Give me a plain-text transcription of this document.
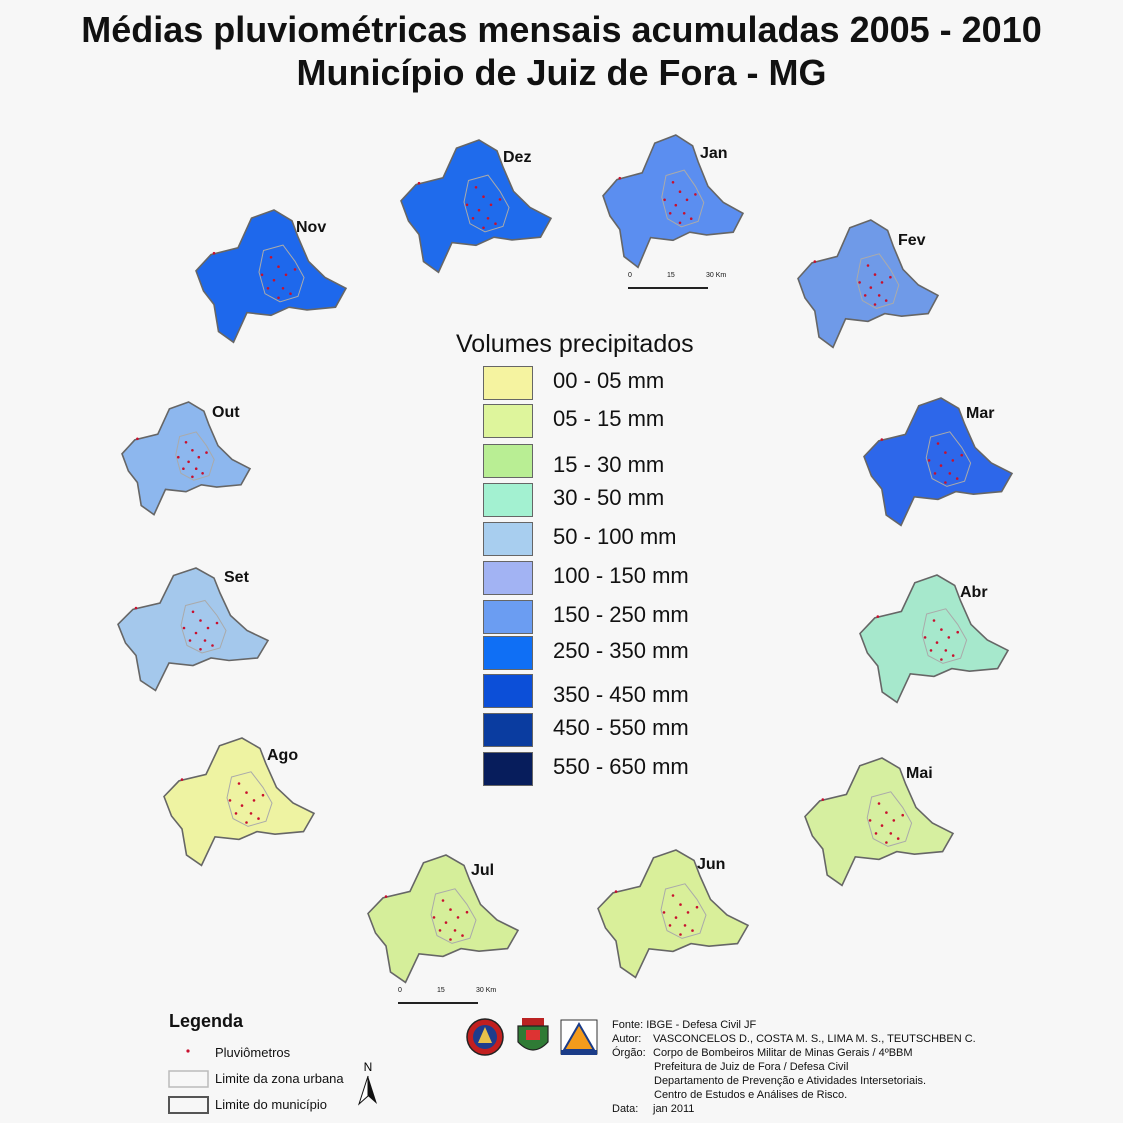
Médias pluviométricas mensais acumuladas 2005 - 2010
Município de Juiz de Fora - MG
Jan
Fev
Mar
Abr
Mai
Jun
Jul
Ago
Set
Out
Nov
Dez
0	15	30 Km
0	15	30 Km
Volumes precipitados
00 - 05 mm
05 - 15 mm
15 - 30 mm
30 - 50 mm
50 - 100 mm
100 - 150 mm
150 - 250 mm
250 - 350 mm
350 - 450 mm
450 - 550 mm
550 - 650 mm
Legenda
Pluviômetros
Limite da zona urbana
Limite do município
N
Fonte: IBGE - Defesa Civil JF
Autor: VASCONCELOS D., COSTA M. S., LIMA M. S., TEUTSCHBEN C.
Órgão: Corpo de Bombeiros Militar de Minas Gerais / 4ºBBM
Prefeitura de Juiz de Fora / Defesa Civil
Departamento de Prevenção e Atividades Intersetoriais.
Centro de Estudos e Análises de Risco.
Data: jan 2011
